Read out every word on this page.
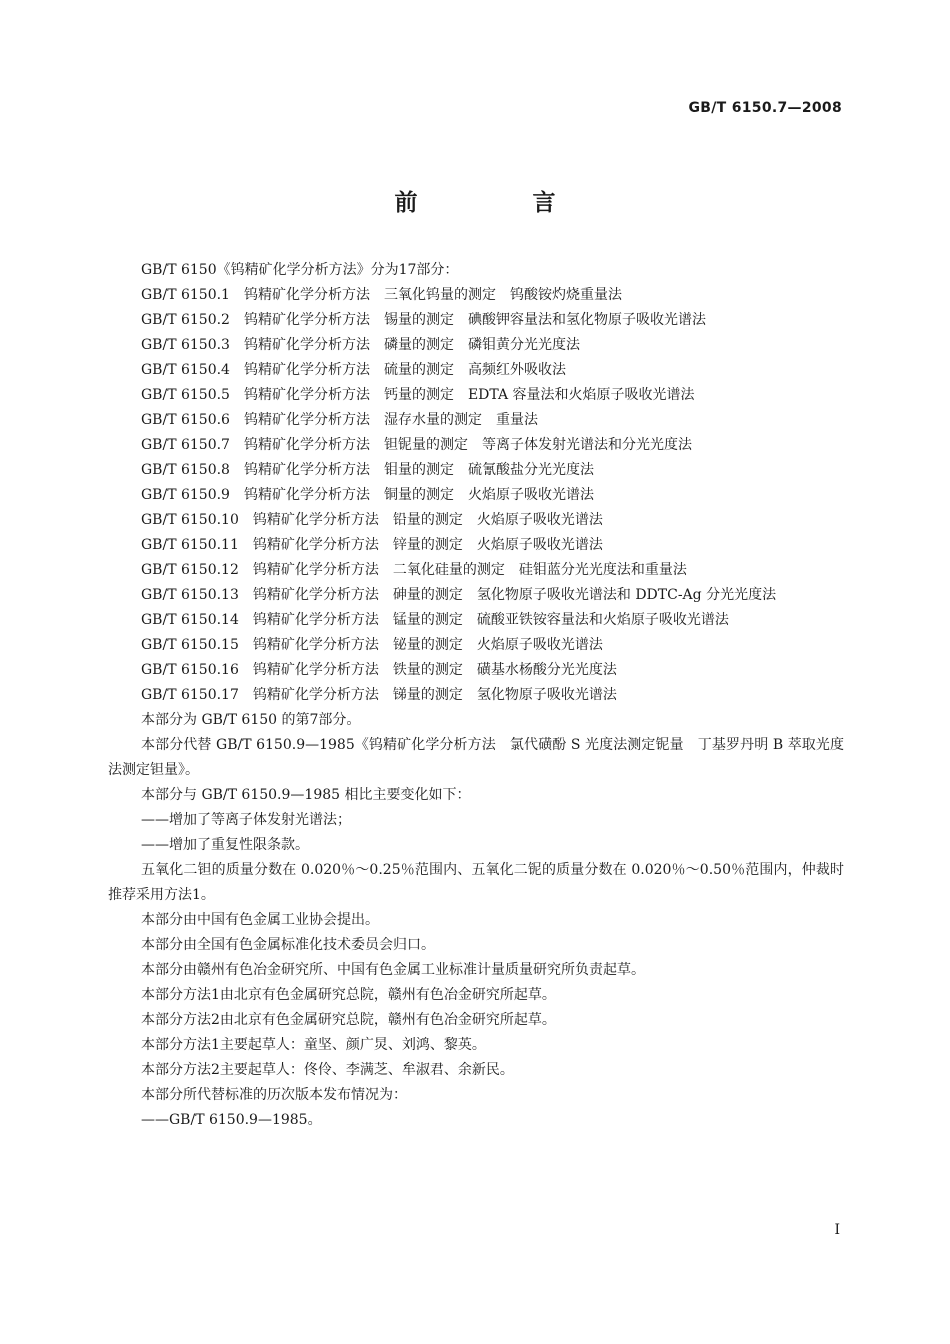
GB/T 6150.7—2008
前　言

GB/T 6150《钨精矿化学分析方法》分为17部分：

GB/T 6150.1　钨精矿化学分析方法　三氧化钨量的测定　钨酸铵灼烧重量法

GB/T 6150.2　钨精矿化学分析方法　锡量的测定　碘酸钾容量法和氢化物原子吸收光谱法

GB/T 6150.3　钨精矿化学分析方法　磷量的测定　磷钼黄分光光度法

GB/T 6150.4　钨精矿化学分析方法　硫量的测定　高频红外吸收法

GB/T 6150.5　钨精矿化学分析方法　钙量的测定　EDTA 容量法和火焰原子吸收光谱法

GB/T 6150.6　钨精矿化学分析方法　湿存水量的测定　重量法

GB/T 6150.7　钨精矿化学分析方法　钽铌量的测定　等离子体发射光谱法和分光光度法

GB/T 6150.8　钨精矿化学分析方法　钼量的测定　硫氰酸盐分光光度法

GB/T 6150.9　钨精矿化学分析方法　铜量的测定　火焰原子吸收光谱法

GB/T 6150.10　钨精矿化学分析方法　铅量的测定　火焰原子吸收光谱法

GB/T 6150.11　钨精矿化学分析方法　锌量的测定　火焰原子吸收光谱法

GB/T 6150.12　钨精矿化学分析方法　二氧化硅量的测定　硅钼蓝分光光度法和重量法

GB/T 6150.13　钨精矿化学分析方法　砷量的测定　氢化物原子吸收光谱法和 DDTC-Ag 分光光度法

GB/T 6150.14　钨精矿化学分析方法　锰量的测定　硫酸亚铁铵容量法和火焰原子吸收光谱法

GB/T 6150.15　钨精矿化学分析方法　铋量的测定　火焰原子吸收光谱法

GB/T 6150.16　钨精矿化学分析方法　铁量的测定　磺基水杨酸分光光度法

GB/T 6150.17　钨精矿化学分析方法　锑量的测定　氢化物原子吸收光谱法

本部分为 GB/T 6150 的第7部分。

本部分代替 GB/T 6150.9—1985《钨精矿化学分析方法　氯代磺酚 S 光度法测定铌量　丁基罗丹明 B 萃取光度法测定钽量》。

本部分与 GB/T 6150.9—1985 相比主要变化如下：

——增加了等离子体发射光谱法；

——增加了重复性限条款。

五氧化二钽的质量分数在 0.020％～0.25％范围内、五氧化二铌的质量分数在 0.020％～0.50％范围内，仲裁时推荐采用方法1。

本部分由中国有色金属工业协会提出。

本部分由全国有色金属标准化技术委员会归口。

本部分由赣州有色冶金研究所、中国有色金属工业标准计量质量研究所负责起草。

本部分方法1由北京有色金属研究总院，赣州有色冶金研究所起草。

本部分方法2由北京有色金属研究总院，赣州有色冶金研究所起草。

本部分方法1主要起草人：童坚、颜广炅、刘鸿、黎英。

本部分方法2主要起草人：佟伶、李满芝、牟淑君、余新民。

本部分所代替标准的历次版本发布情况为：

——GB/T 6150.9—1985。

I
